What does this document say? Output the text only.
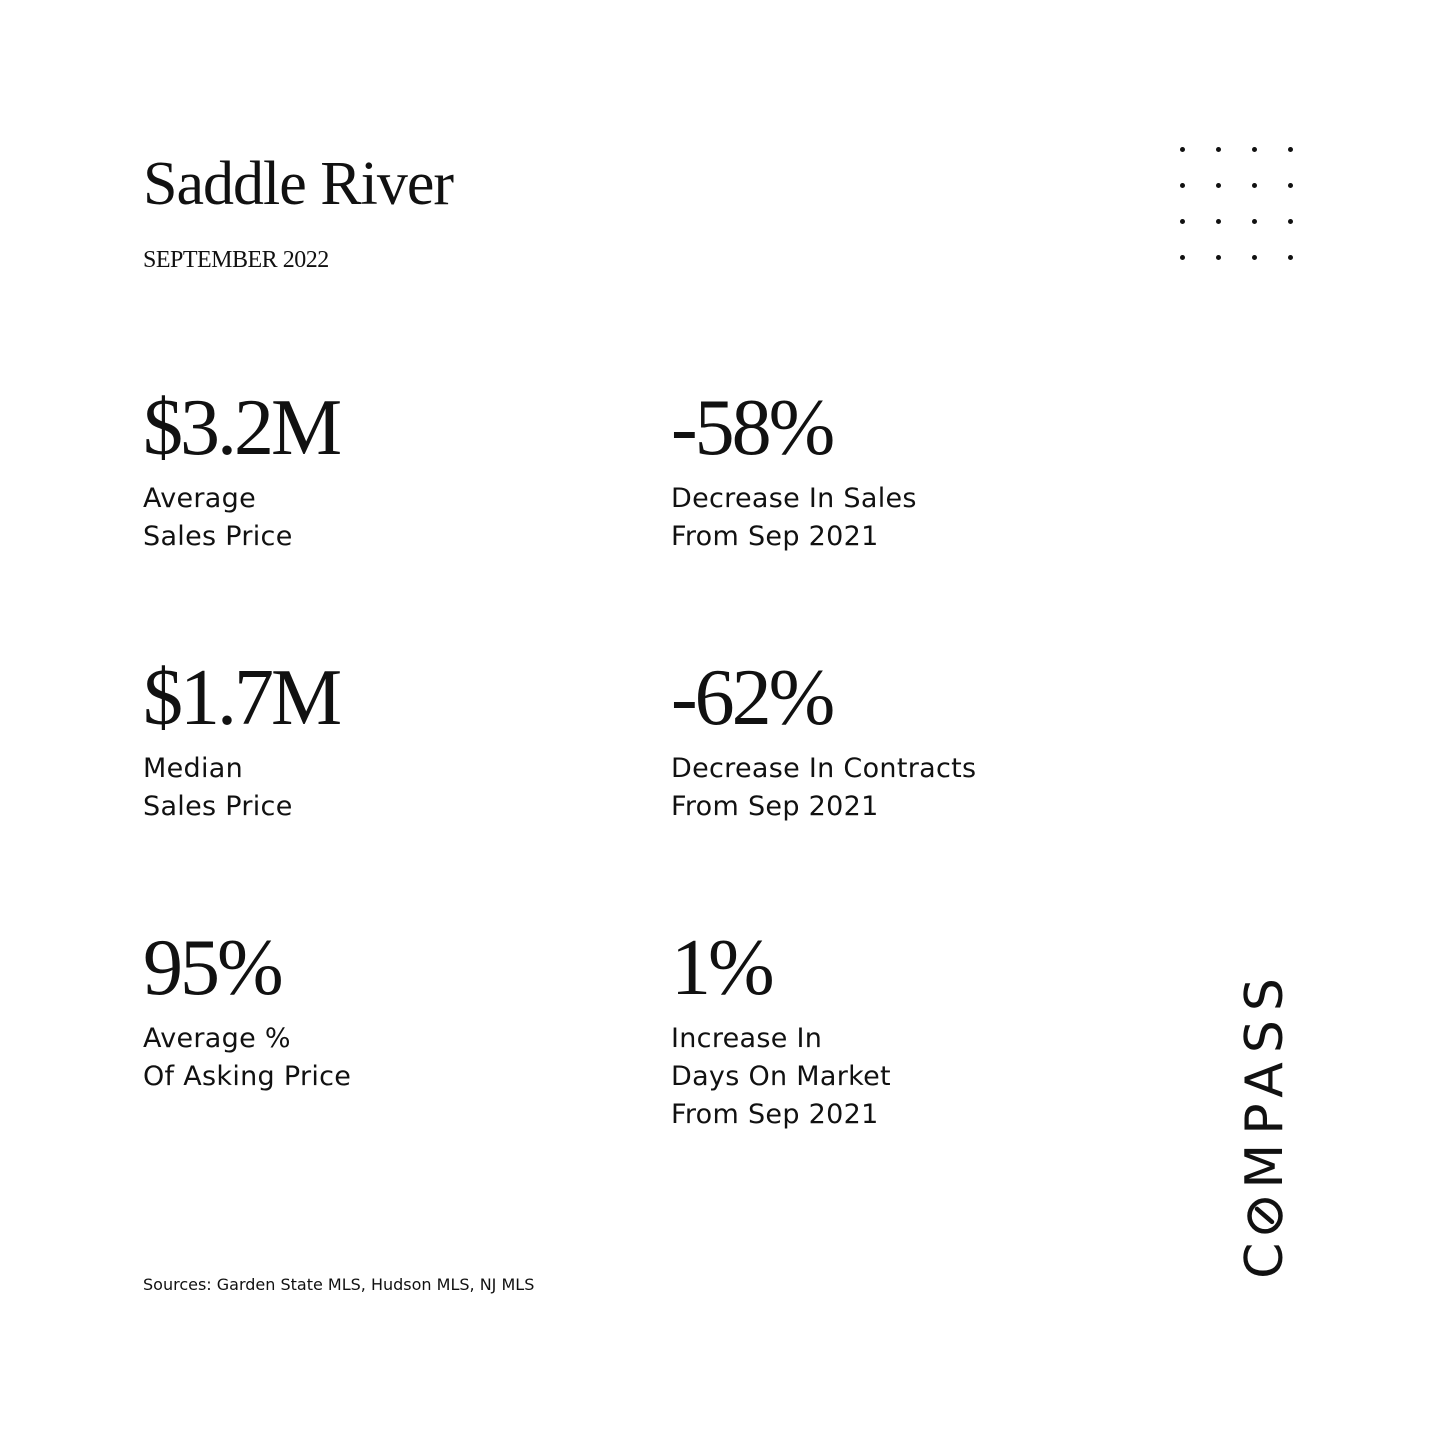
Saddle River
SEPTEMBER 2022
$3.2M
Average
Sales Price
-58%
Decrease In Sales
From Sep 2021
$1.7M
Median
Sales Price
-62%
Decrease In Contracts
From Sep 2021
95%
Average %
Of Asking Price
1%
Increase In
Days On Market
From Sep 2021
Sources: Garden State MLS, Hudson MLS, NJ MLS
C
MPASS
